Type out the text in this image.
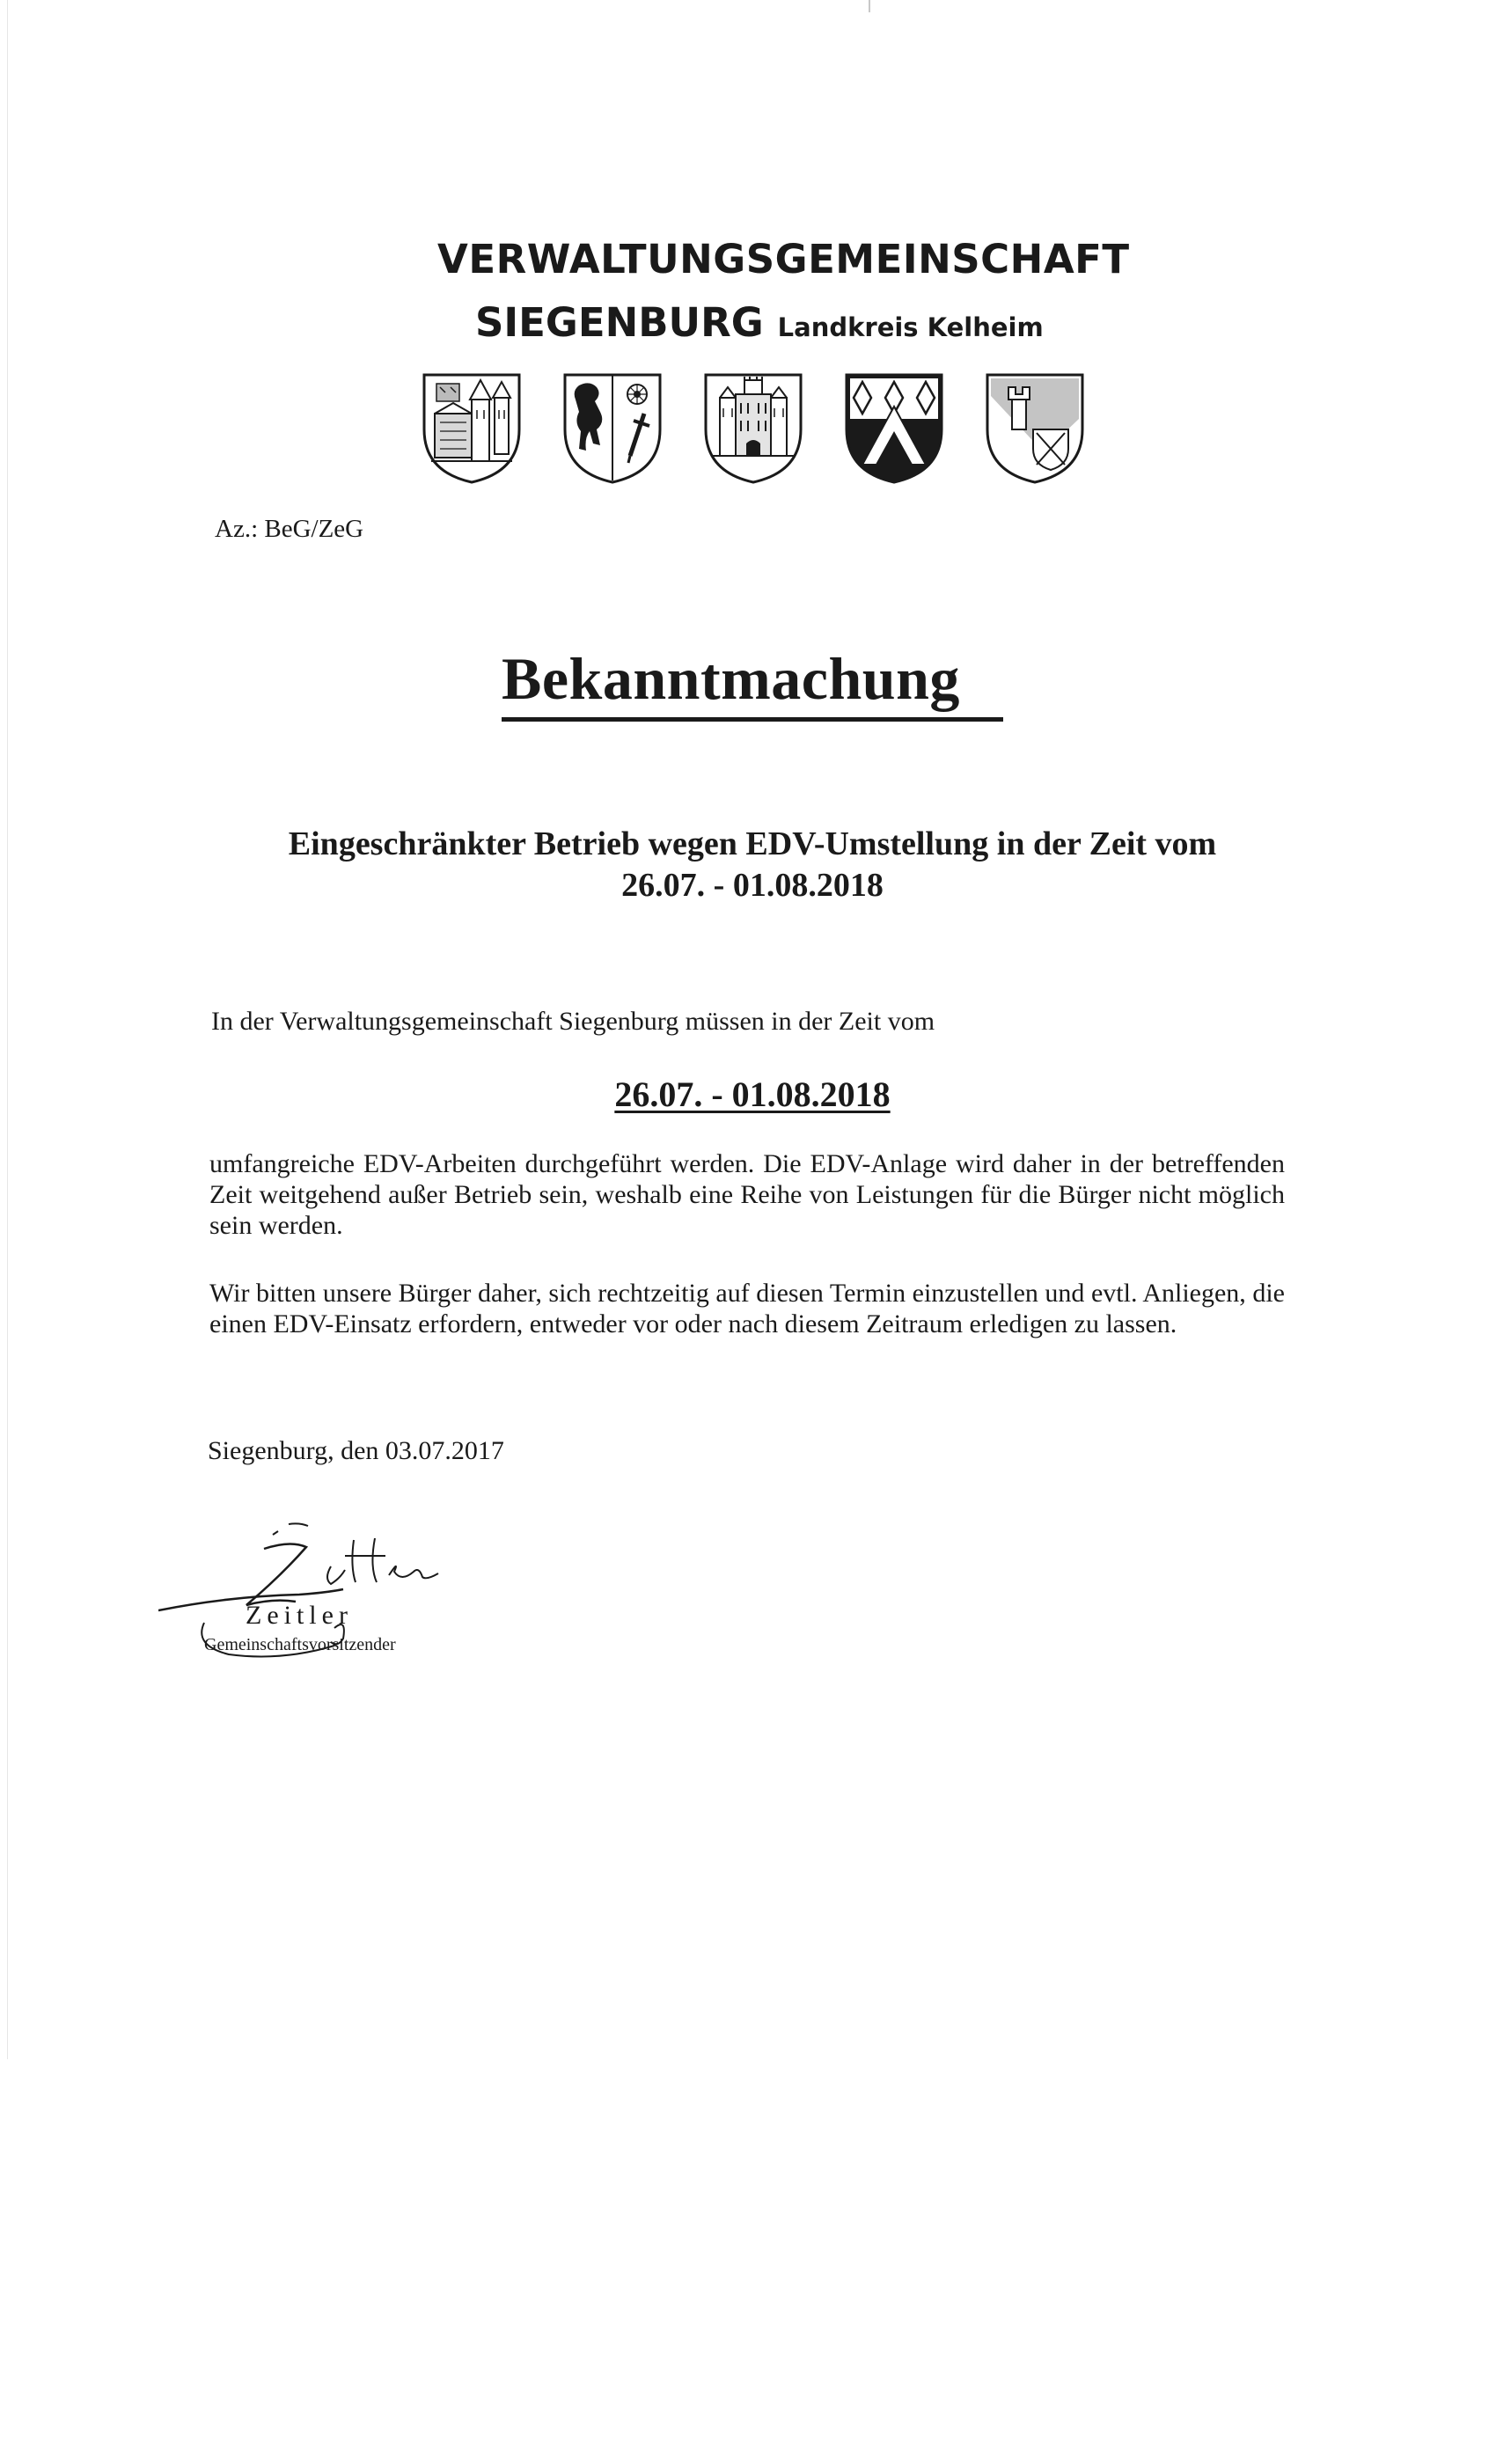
VERWALTUNGSGEMEINSCHAFT
SIEGENBURG Landkreis Kelheim
Az.: BeG/ZeG
Bekanntmachung
Eingeschränkter Betrieb wegen EDV-Umstellung in der Zeit vom
26.07. - 01.08.2018
In der Verwaltungsgemeinschaft Siegenburg müssen in der Zeit vom
26.07. - 01.08.2018
umfangreiche EDV-Arbeiten durchgeführt werden. Die EDV-Anlage wird daher in der betreffenden Zeit weitgehend außer Betrieb sein, weshalb eine Reihe von Leistungen für die Bürger nicht möglich sein werden.
Wir bitten unsere Bürger daher, sich rechtzeitig auf diesen Termin einzustellen und evtl. Anliegen, die einen EDV-Einsatz erfordern, entweder vor oder nach diesem Zeitraum erledigen zu lassen.
Siegenburg, den 03.07.2017
Zeitler
Gemeinschaftsvorsitzender
